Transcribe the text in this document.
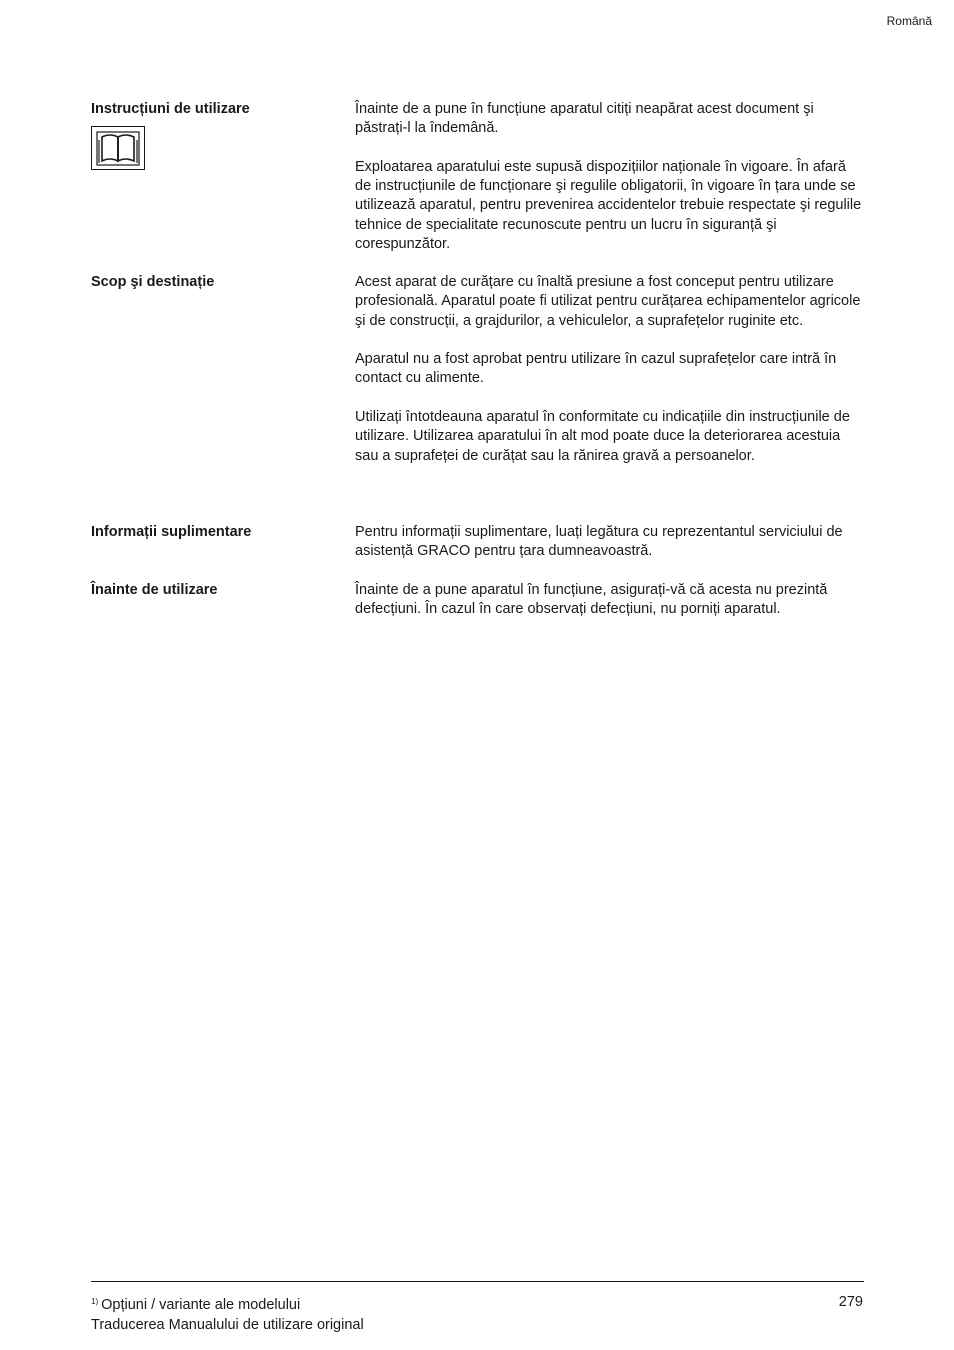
Română
Instrucțiuni de utilizare	Înainte de a pune în funcțiune aparatul citiți neapărat acest document şi păstrați-l la îndemână.

Exploatarea aparatului este supusă dispozițiilor naționale în vigoare. În afară de instrucțiunile de funcționare şi regulile obligatorii, în vigoare în țara unde se utilizează aparatul, pentru prevenirea accidentelor trebuie respectate şi regulile tehnice de specialitate recunoscute pentru un lucru în siguranță şi corespunzător.

Scop şi destinație	Acest aparat de curățare cu înaltă presiune a fost conceput pentru utilizare profesională. Aparatul poate fi utilizat pentru curățarea echipamentelor agricole şi de construcții, a grajdurilor, a vehiculelor, a suprafețelor ruginite etc.

Aparatul nu a fost aprobat pentru utilizare în cazul suprafețelor care intră în contact cu alimente.

Utilizați întotdeauna aparatul în conformitate cu indicațiile din instrucțiunile de utilizare. Utilizarea aparatului în alt mod poate duce la deteriorarea acestuia sau a suprafeței de curățat sau la rănirea gravă a persoanelor.

Informații suplimentare	Pentru informații suplimentare, luați legătura cu reprezentantul serviciului de asistență GRACO pentru țara dumneavoastră.

Înainte de utilizare	Înainte de a pune aparatul în funcțiune, asigurați-vă că acesta nu prezintă defecțiuni. În cazul în care observați defecțiuni, nu porniți aparatul.

$^{1)}$ Opțiuni / variante ale modelului
Traducerea Manualului de utilizare original
279
